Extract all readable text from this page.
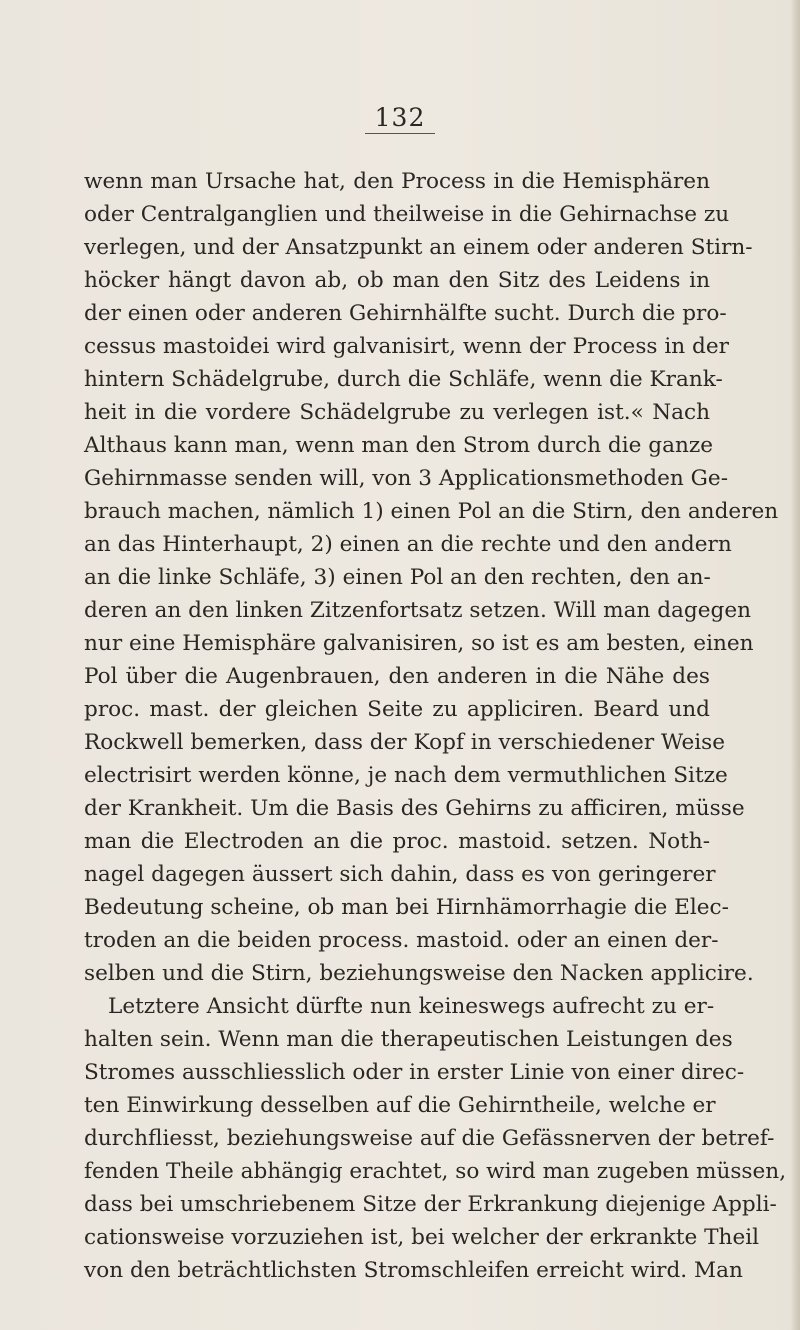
132
wenn man Ursache hat, den Process in die Hemisphären
oder Centralganglien und theilweise in die Gehirnachse zu
verlegen, und der Ansatzpunkt an einem oder anderen Stirn-
höcker hängt davon ab, ob man den Sitz des Leidens in
der einen oder anderen Gehirnhälfte sucht. Durch die pro-
cessus mastoidei wird galvanisirt, wenn der Process in der
hintern Schädelgrube, durch die Schläfe, wenn die Krank-
heit in die vordere Schädelgrube zu verlegen ist.« Nach
Althaus kann man, wenn man den Strom durch die ganze
Gehirnmasse senden will, von 3 Applicationsmethoden Ge-
brauch machen, nämlich 1) einen Pol an die Stirn, den anderen
an das Hinterhaupt, 2) einen an die rechte und den andern
an die linke Schläfe, 3) einen Pol an den rechten, den an-
deren an den linken Zitzenfortsatz setzen. Will man dagegen
nur eine Hemisphäre galvanisiren, so ist es am besten, einen
Pol über die Augenbrauen, den anderen in die Nähe des
proc. mast. der gleichen Seite zu appliciren. Beard und
Rockwell bemerken, dass der Kopf in verschiedener Weise
electrisirt werden könne, je nach dem vermuthlichen Sitze
der Krankheit. Um die Basis des Gehirns zu afficiren, müsse
man die Electroden an die proc. mastoid. setzen. Noth-
nagel dagegen äussert sich dahin, dass es von geringerer
Bedeutung scheine, ob man bei Hirnhämorrhagie die Elec-
troden an die beiden process. mastoid. oder an einen der-
selben und die Stirn, beziehungsweise den Nacken applicire.
Letztere Ansicht dürfte nun keineswegs aufrecht zu er-
halten sein. Wenn man die therapeutischen Leistungen des
Stromes ausschliesslich oder in erster Linie von einer direc-
ten Einwirkung desselben auf die Gehirntheile, welche er
durchfliesst, beziehungsweise auf die Gefässnerven der betref-
fenden Theile abhängig erachtet, so wird man zugeben müssen,
dass bei umschriebenem Sitze der Erkrankung diejenige Appli-
cationsweise vorzuziehen ist, bei welcher der erkrankte Theil
von den beträchtlichsten Stromschleifen erreicht wird. Man
